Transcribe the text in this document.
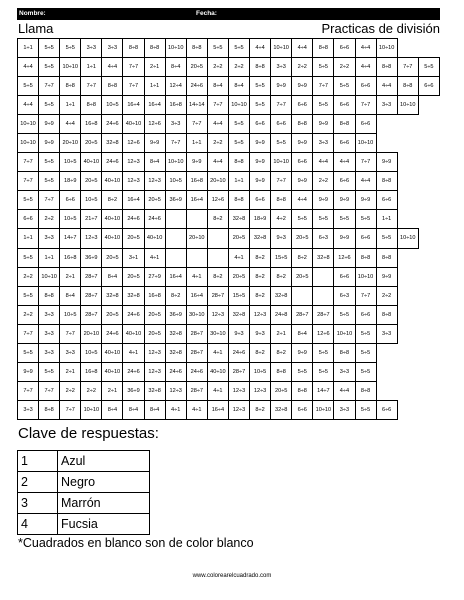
Nombre:	Fecha:
Llama	Practicas de división
1÷1	5÷5	5÷5	3÷3	3÷3	8÷8	8÷8	10÷10	8÷8	5÷5	5÷5	4÷4	10÷10	4÷4	8÷8	6÷6	4÷4	10÷10		
4÷4	5÷5	10÷10	1÷1	4÷4	7÷7	2÷1	8÷4	20÷5	2÷2	2÷2	8÷8	3÷3	2÷2	5÷5	2÷2	4÷4	8÷8	7÷7	5÷5
5÷5	7÷7	8÷8	7÷7	8÷8	7÷7	1÷1	12÷4	24÷6	8÷4	8÷4	5÷5	9÷9	9÷9	7÷7	5÷5	6÷6	4÷4	8÷8	6÷6
4÷4	5÷5	1÷1	8÷8	10÷5	16÷4	16÷4	16÷8	14÷14	7÷7	10÷10	5÷5	7÷7	6÷6	5÷5	6÷6	7÷7	3÷3	10÷10	
10÷10	9÷9	4÷4	16÷8	24÷6	40÷10	12÷6	3÷3	7÷7	4÷4	5÷5	6÷6	6÷6	8÷8	9÷9	8÷8	6÷6			
10÷10	9÷9	20÷10	20÷5	32÷8	12÷6	9÷9	7÷7	1÷1	2÷2	5÷5	9÷9	5÷5	9÷9	3÷3	6÷6	10÷10			
7÷7	5÷5	10÷5	40÷10	24÷6	12÷3	8÷4	10÷10	9÷9	4÷4	8÷8	9÷9	10÷10	6÷6	4÷4	4÷4	7÷7	9÷9		
7÷7	5÷5	18÷9	20÷5	40÷10	12÷3	12÷3	10÷5	16÷8	20÷10	1÷1	9÷9	7÷7	9÷9	2÷2	6÷6	4÷4	8÷8		
5÷5	7÷7	6÷6	10÷5	8÷2	16÷4	20÷5	36÷9	16÷4	12÷6	8÷8	6÷6	8÷8	4÷4	9÷9	9÷9	9÷9	6÷6		
6÷6	2÷2	10÷5	21÷7	40÷10	24÷6	24÷6			8÷2	32÷8	18÷9	4÷2	5÷5	5÷5	5÷5	5÷5	1÷1		
1÷1	3÷3	14÷7	12÷3	40÷10	20÷5	40÷10		20÷10		20÷5	32÷8	9÷3	20÷5	6÷3	9÷9	6÷6	5÷5	10÷10	
5÷5	1÷1	16÷8	36÷9	20÷5	3÷1	4÷1				4÷1	8÷2	15÷5	8÷2	32÷8	12÷6	8÷8	8÷8		
2÷2	10÷10	2÷1	28÷7	8÷4	20÷5	27÷9	16÷4	4÷1	8÷2	20÷5	8÷2	8÷2	20÷5		6÷6	10÷10	9÷9		
5÷5	8÷8	8÷4	28÷7	32÷8	32÷8	16÷8	8÷2	16÷4	28÷7	15÷5	8÷2	32÷8			6÷3	7÷7	2÷2		
2÷2	3÷3	10÷5	28÷7	20÷5	24÷6	20÷5	36÷9	30÷10	12÷3	32÷8	12÷3	24÷8	28÷7	28÷7	5÷5	6÷6	8÷8		
7÷7	3÷3	7÷7	20÷10	24÷6	40÷10	20÷5	32÷8	28÷7	30÷10	9÷3	9÷3	2÷1	8÷4	12÷6	10÷10	5÷5	3÷3		
5÷5	3÷3	3÷3	10÷5	40÷10	4÷1	12÷3	32÷8	28÷7	4÷1	24÷6	8÷2	8÷2	9÷9	5÷5	8÷8	5÷5			
9÷9	5÷5	2÷1	16÷8	40÷10	24÷6	12÷3	24÷6	24÷6	40÷10	28÷7	10÷5	8÷8	5÷5	5÷5	3÷3	5÷5			
7÷7	7÷7	2÷2	2÷2	2÷1	36÷9	32÷8	12÷3	28÷7	4÷1	12÷3	12÷3	20÷5	8÷8	14÷7	4÷4	8÷8			
3÷3	8÷8	7÷7	10÷10	8÷4	8÷4	8÷4	4÷1	4÷1	16÷4	12÷3	8÷2	32÷8	6÷6	10÷10	3÷3	5÷5	6÷6		
Clave de respuestas:
1	Azul
2	Negro
3	Marrón
4	Fucsia
*Cuadrados en blanco son de color blanco
www.colorearelcuadrado.com
